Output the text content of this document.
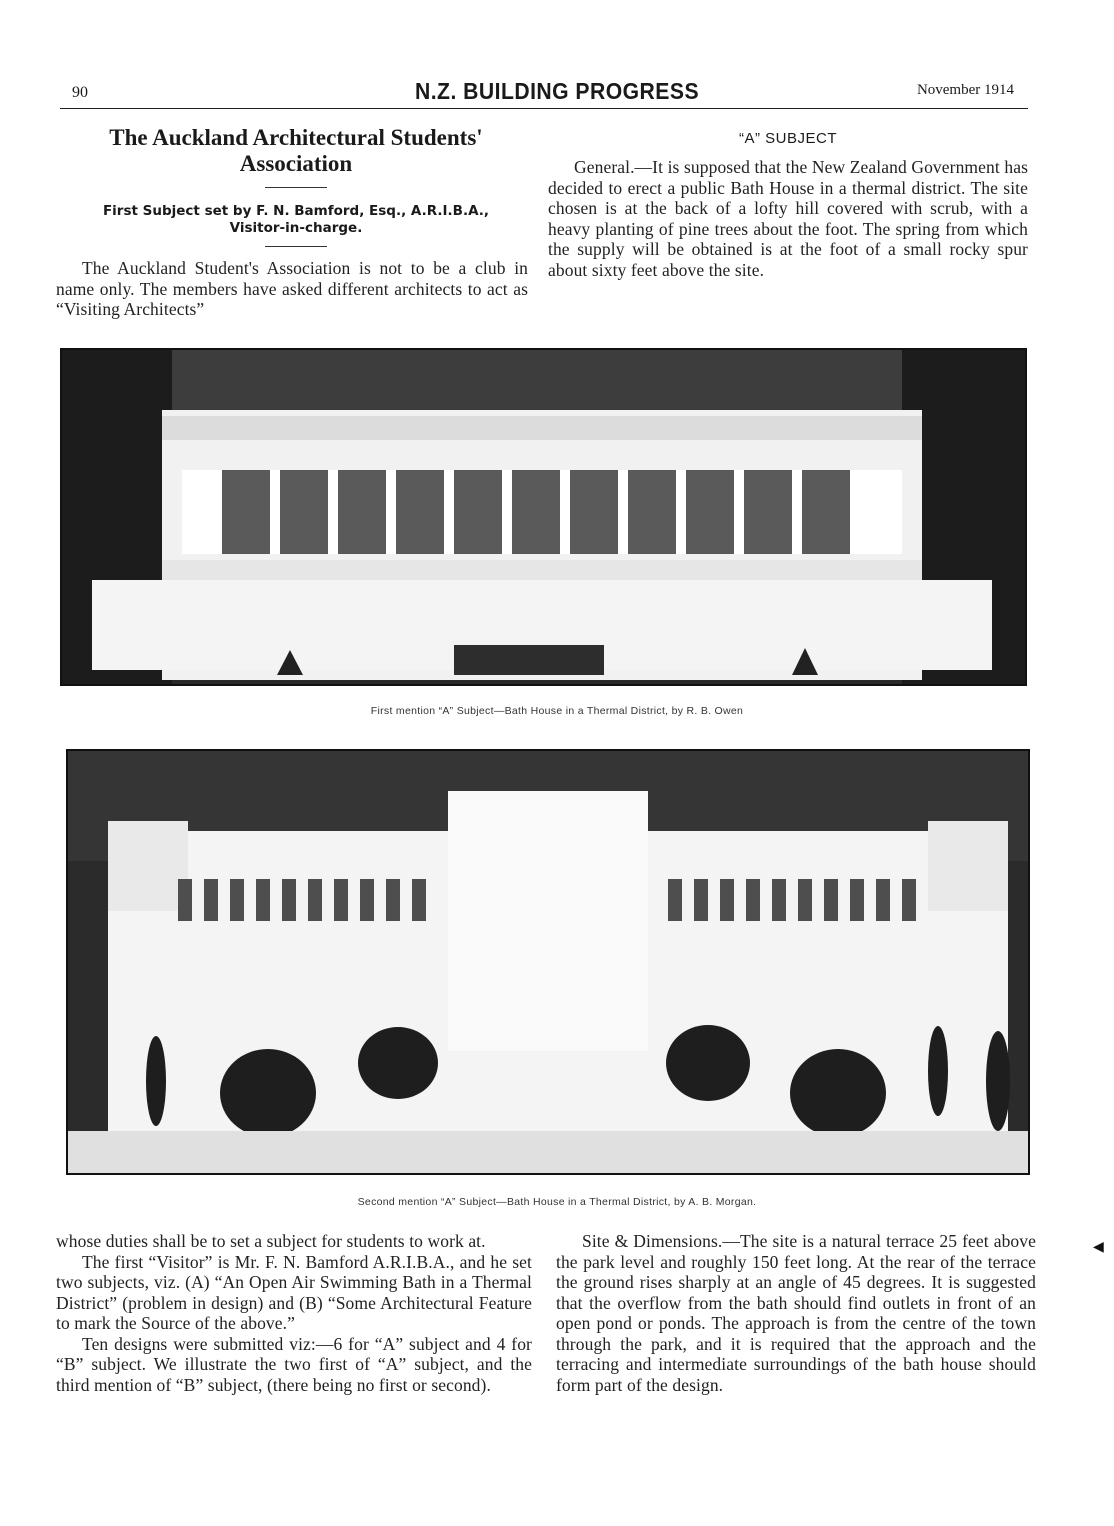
90	N.Z. BUILDING PROGRESS	November 1914
The Auckland Architectural Students'
Association
First Subject set by F. N. Bamford, Esq., A.R.I.B.A.,
Visitor-in-charge.

The Auckland Student's Association is not to be a club in name only. The members have asked different architects to act as “Visiting Architects”

“A” SUBJECT

General.—It is supposed that the New Zealand Government has decided to erect a public Bath House in a thermal district. The site chosen is at the back of a lofty hill covered with scrub, with a heavy planting of pine trees about the foot. The spring from which the supply will be obtained is at the foot of a small rocky spur about sixty feet above the site.

First mention “A” Subject—Bath House in a Thermal District, by R. B. Owen
Second mention “A” Subject—Bath House in a Thermal District, by A. B. Morgan.

whose duties shall be to set a subject for students to work at.

The first “Visitor” is Mr. F. N. Bamford A.R.I.B.A., and he set two subjects, viz. (A) “An Open Air Swimming Bath in a Thermal District” (problem in design) and (B) “Some Architectural Feature to mark the Source of the above.”

Ten designs were submitted viz:—6 for “A” subject and 4 for “B” subject. We illustrate the two first of “A” subject, and the third mention of “B” subject, (there being no first or second).

Site & Dimensions.—The site is a natural terrace 25 feet above the park level and roughly 150 feet long. At the rear of the terrace the ground rises sharply at an angle of 45 degrees. It is suggested that the overflow from the bath should find outlets in front of an open pond or ponds. The approach is from the centre of the town through the park, and it is required that the approach and the terracing and intermediate surroundings of the bath house should form part of the design.

◀
